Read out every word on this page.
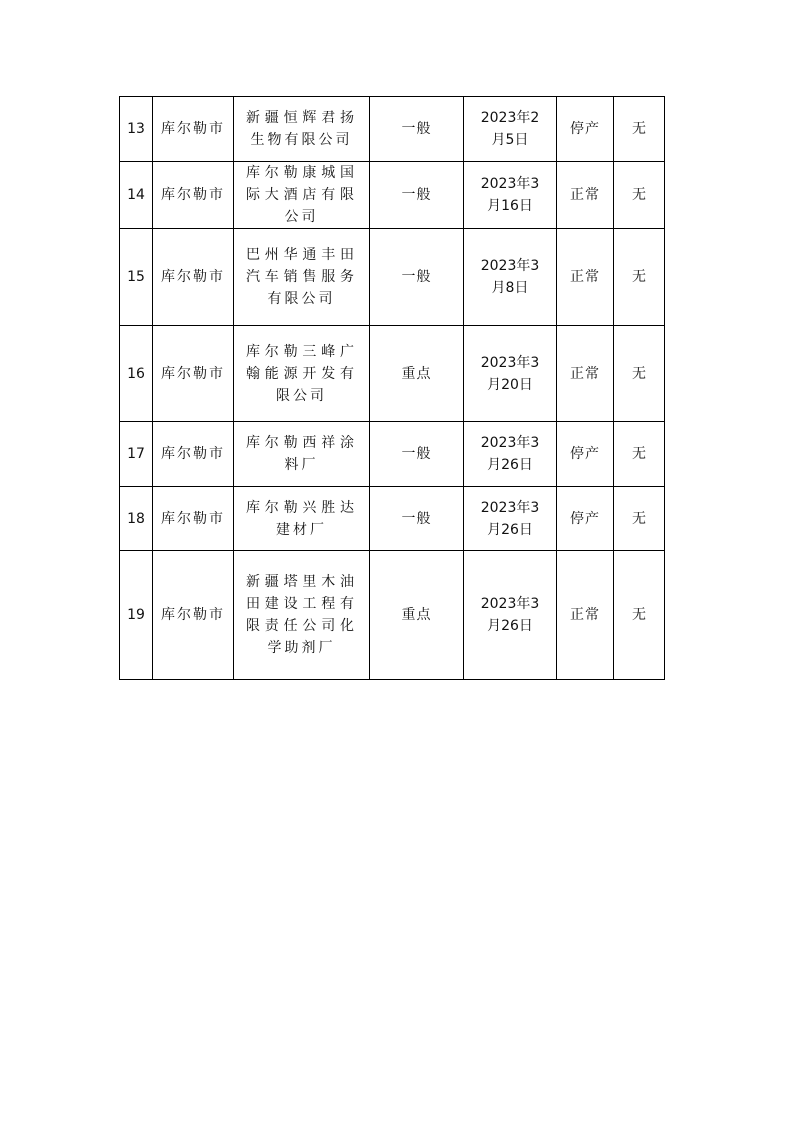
13	库尔勒市	新疆恒辉君扬生物有限公司	一般	2023年2月5日	停产	无
14	库尔勒市	库尔勒康城国际大酒店有限公司	一般	2023年3月16日	正常	无
15	库尔勒市	巴州华通丰田汽车销售服务有限公司	一般	2023年3月8日	正常	无
16	库尔勒市	库尔勒三峰广翰能源开发有限公司	重点	2023年3月20日	正常	无
17	库尔勒市	库尔勒西祥涂料厂	一般	2023年3月26日	停产	无
18	库尔勒市	库尔勒兴胜达建材厂	一般	2023年3月26日	停产	无
19	库尔勒市	新疆塔里木油田建设工程有限责任公司化学助剂厂	重点	2023年3月26日	正常	无
